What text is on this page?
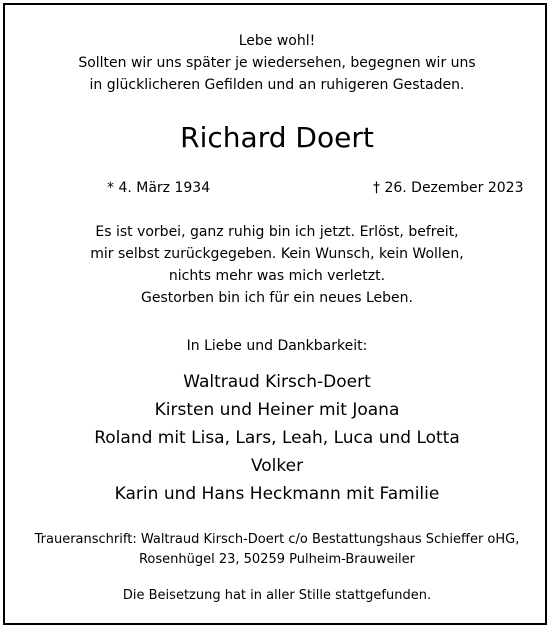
Lebe wohl!

Sollten wir uns später je wiedersehen, begegnen wir uns

in glücklicheren Gefilden und an ruhigeren Gestaden.

Richard Doert

* 4. März 1934	† 26. Dezember 2023

Es ist vorbei, ganz ruhig bin ich jetzt. Erlöst, befreit,

mir selbst zurückgegeben. Kein Wunsch, kein Wollen,

nichts mehr was mich verletzt.

Gestorben bin ich für ein neues Leben.

In Liebe und Dankbarkeit:

Waltraud Kirsch-Doert

Kirsten und Heiner mit Joana

Roland mit Lisa, Lars, Leah, Luca und Lotta

Volker

Karin und Hans Heckmann mit Familie

Traueranschrift: Waltraud Kirsch-Doert c/o Bestattungshaus Schieffer oHG,

Rosenhügel 23, 50259 Pulheim-Brauweiler

Die Beisetzung hat in aller Stille stattgefunden.
